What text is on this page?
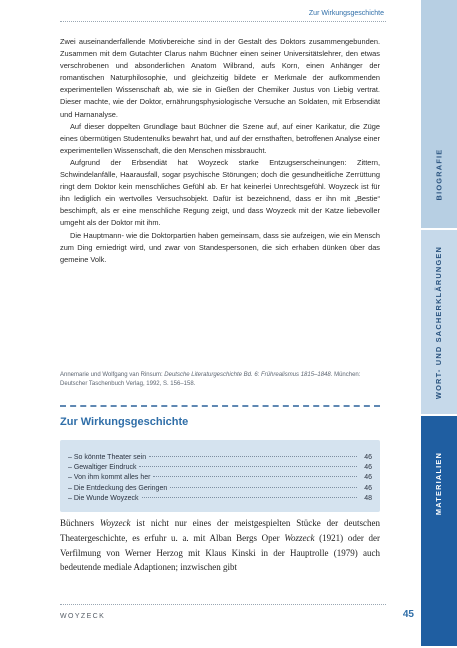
Zur Wirkungsgeschichte

Zwei auseinanderfallende Motivbereiche sind in der Gestalt des Doktors zusammengebunden. Zusammen mit dem Gutachter Clarus nahm Büchner einen seiner Universitätslehrer, den etwas verschrobenen und absonderlichen Anatom Wilbrand, aufs Korn, einen Anhänger der romantischen Naturphilosophie, und gleichzeitig bildete er Merkmale der aufkommenden experimentellen Wissenschaft ab, wie sie in Gießen der Chemiker Justus von Liebig vertrat. Dieser machte, wie der Doktor, ernährungsphysiologische Versuche an Soldaten, mit Erbsendiät und Harnanalyse.

Auf dieser doppelten Grundlage baut Büchner die Szene auf, auf einer Karikatur, die Züge eines übermütigen Studentenulks bewahrt hat, und auf der ernsthaften, betroffenen Analyse einer experimentellen Wissenschaft, die den Menschen missbraucht.

Aufgrund der Erbsendiät hat Woyzeck starke Entzugserscheinungen: Zittern, Schwindelanfälle, Haarausfall, sogar psychische Störungen; doch die gesundheitliche Zerrüttung ringt dem Doktor kein menschliches Gefühl ab. Er hat keinerlei Unrechtsgefühl. Woyzeck ist für ihn lediglich ein wertvolles Versuchsobjekt. Dafür ist bezeichnend, dass er ihn mit „Bestie“ beschimpft, als er eine menschliche Regung zeigt, und dass Woyzeck mit der Katze liebevoller umgeht als der Doktor mit ihm.

Die Hauptmann- wie die Doktorpartien haben gemeinsam, dass sie aufzeigen, wie ein Mensch zum Ding erniedrigt wird, und zwar von Standespersonen, die sich erhaben dünken über das gemeine Volk.

Annemarie und Wolfgang van Rinsum: Deutsche Literaturgeschichte Bd. 6: Frührealismus 1815–1848. München: Deutscher Taschenbuch Verlag, 1992, S. 156–158.
Zur Wirkungsgeschichte
– So könnte Theater sein	46
– Gewaltiger Eindruck	46
– Von ihm kommt alles her	46
– Die Entdeckung des Geringen	46
– Die Wunde Woyzeck	48
Büchners Woyzeck ist nicht nur eines der meistgespielten Stücke der deutschen Theatergeschichte, es erfuhr u. a. mit Alban Bergs Oper Wozzeck (1921) oder der Verfilmung von Werner Herzog mit Klaus Kinski in der Hauptrolle (1979) auch bedeutende mediale Adaptionen; inzwischen gibt
WOYZECK	45
BIOGRAFIE
WORT- UND SACHERKLÄRUNGEN
MATERIALIEN
